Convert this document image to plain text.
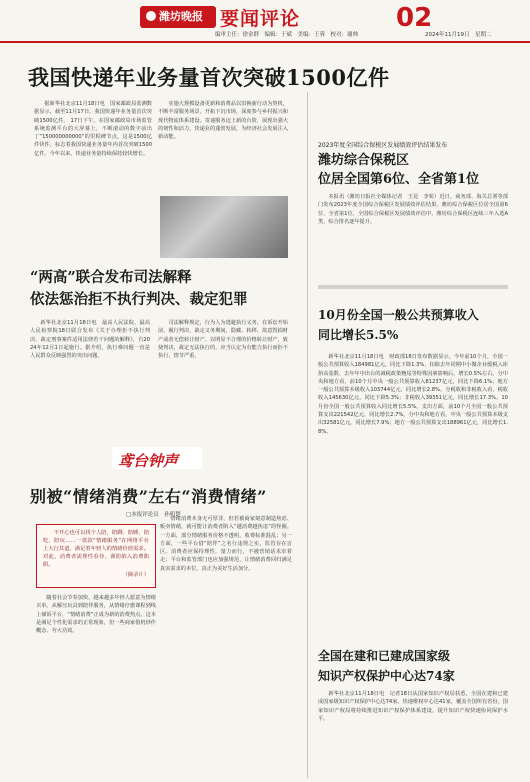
潍坊晚报 要闻评论	02
编审主任：徐金群　编辑：于斌　美编：王蓉　校对：谢帅	2024年11月19日　星期二
我国快递年业务量首次突破1500亿件
据新华社北京11月18日电　国家邮政局监测数据显示，截至11月17日，我国快递年业务量首次突破1500亿件。 17日下午，在国家邮政局市场监管系统监测平台的大屏幕上，不断滚动的数字前出了“150000000000”的里程碑节点，这是1500亿件快件，标志着我国快递业务量年内首次突破1500亿件。今年以来，快递业务量持续保持较快增长。
实施大规模设备更新和消费品以旧换新行动为契机，不断丰富服务场景，开拓下沉市场，深度参与乡村振兴和现代物流体系建设。寄递服务迈上新的台阶，展现出强大的韧性和活力。快递业的蓬勃发展，为经济社会发展注入新动能。
2023年度全国综合保税区发展绩效评估结果发布
潍坊综合保税区
位居全国第6位、全省第1位
本报讯（潍坊日报社全媒体记者　王昆　李荀）近日，商务部、海关总署等部门发布2023年度全国综合保税区发展绩效评估结果，潍坊综合保税区位居全国第6位、全省第1位，全国综合保税区发展绩效评估中，潍坊综合保税区连续三年入选A类，综合排名逐年提升。
10月份全国一般公共预算收入
同比增长5.5%
新华社北京11月18日电　财政部18日发布数据显示，今年前10个月，全国一般公共预算收入184981亿元，同比下降1.3%，扣除去年同期中小微企业缓税入库抬高基数、去年年中出台的减税政策翘尾等特殊因素影响后，增长0.5%左右。分中央和地方看，前10个月中央一般公共预算收入81237亿元，同比下降6.1%；地方一般公共预算本级收入103744亿元，同比增长2.8%。分税收和非税收入看，税收收入145630亿元，同比下降5.3%；非税收入39351亿元，同比增长17.3%。10月份全国一般公共预算收入同比增长5.5%。支出方面，前10个月全国一般公共预算支出221542亿元，同比增长2.7%。分中央和地方看，中央一般公共预算本级支出32581亿元，同比增长7.9%；地方一般公共预算支出188961亿元，同比增长1.8%。
全国在建和已建成国家级
知识产权保护中心达74家
新华社北京11月18日电　记者18日从国家知识产权局获悉，全国在建和已建成国家级知识产权保护中心达74家，快速维权中心达41家，覆盖全国所有省份。国家知识产权局将持续推进知识产权保护体系建设，提升知识产权快速协同保护水平。
“两高”联合发布司法解释
依法惩治拒不执行判决、裁定犯罪
新华社北京11月18日电　最高人民法院、最高人民检察院18日联合发布《关于办理拒不执行判决、裁定刑事案件适用法律若干问题的解释》，自2024年12月1日起施行。据介绍，执行难问题一直是人民群众反映强烈的突出问题。
司法解释规定，行为人为逃避执行义务，在诉讼开始前、履行判决、裁定义务期间，隐藏、转移、故意毁损财产或者无偿转让财产、以明显不合理的价格转让财产，致使判决、裁定无法执行的，应当认定为有能力执行而拒不执行，情节严重。
鸢台钟声
别被“情绪消费”左右“消费情绪”
□本报评论员　孙明楚
不开心也可以找个人陪，陪聊、陪睡、陪吃、陪玩……一款款“情绪服务”在网络平台上大行其道，满足着年轻人的情绪价值需求。对此，消费者需理性看待，谨防陷入消费陷阱。
（摘录片）
随着社会节奏加快，越来越多年轻人愿意为情绪买单。从解压玩具到陪伴服务，从情绪疗愈课程到线上倾诉平台，“情绪消费”正成为新的消费热点。这本是满足个性化需求的正常现象，但一些商家借机炒作概念、夸大功效。
情绪消费本身无可厚非，但若被商家刻意制造焦虑、贩卖情绪，就可能让消费者陷入“越消费越焦虑”的怪圈。一方面，部分情绪服务价格不透明，收费标准混乱；另一方面，一些平台借“陪伴”之名行违规之实，监管存在盲区。消费者应保持理性，量力而行，不被营销话术牵着走；平台和监管部门也应加强规范，让情绪消费回归满足真实需求的本位，真正为美好生活加分。
